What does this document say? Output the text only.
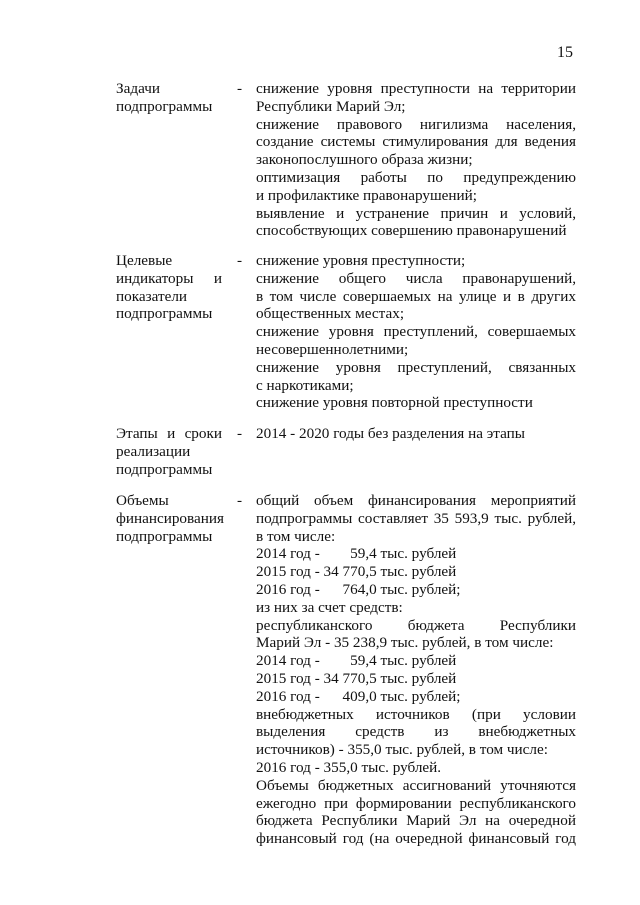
15
Задачи
подпрограммы
- снижение уровня преступности на территории
Республики Марий Эл;
снижение правового нигилизма населения,
создание системы стимулирования для ведения
законопослушного образа жизни;
оптимизация работы по предупреждению
и профилактике правонарушений;
выявление и устранение причин и условий,
способствующих совершению правонарушений
Целевые
индикаторы и
показатели
подпрограммы
- снижение уровня преступности;
снижение общего числа правонарушений,
в том числе совершаемых на улице и в других
общественных местах;
снижение уровня преступлений, совершаемых
несовершеннолетними;
снижение уровня преступлений, связанных
с наркотиками;
снижение уровня повторной преступности
Этапы и сроки
реализации
подпрограммы
- 2014 - 2020 годы без разделения на этапы
Объемы
финансирования
подпрограммы
- общий объем финансирования мероприятий
подпрограммы составляет 35 593,9 тыс. рублей,
в том числе:
2014 год -        59,4 тыс. рублей
2015 год - 34 770,5 тыс. рублей
2016 год -      764,0 тыс. рублей;
из них за счет средств:
республиканского бюджета Республики
Марий Эл - 35 238,9 тыс. рублей, в том числе:
2014 год -        59,4 тыс. рублей
2015 год - 34 770,5 тыс. рублей
2016 год -      409,0 тыс. рублей;
внебюджетных источников (при условии
выделения средств из внебюджетных
источников) - 355,0 тыс. рублей, в том числе:
2016 год - 355,0 тыс. рублей.
Объемы бюджетных ассигнований уточняются
ежегодно при формировании республиканского
бюджета Республики Марий Эл на очередной
финансовый год (на очередной финансовый год
